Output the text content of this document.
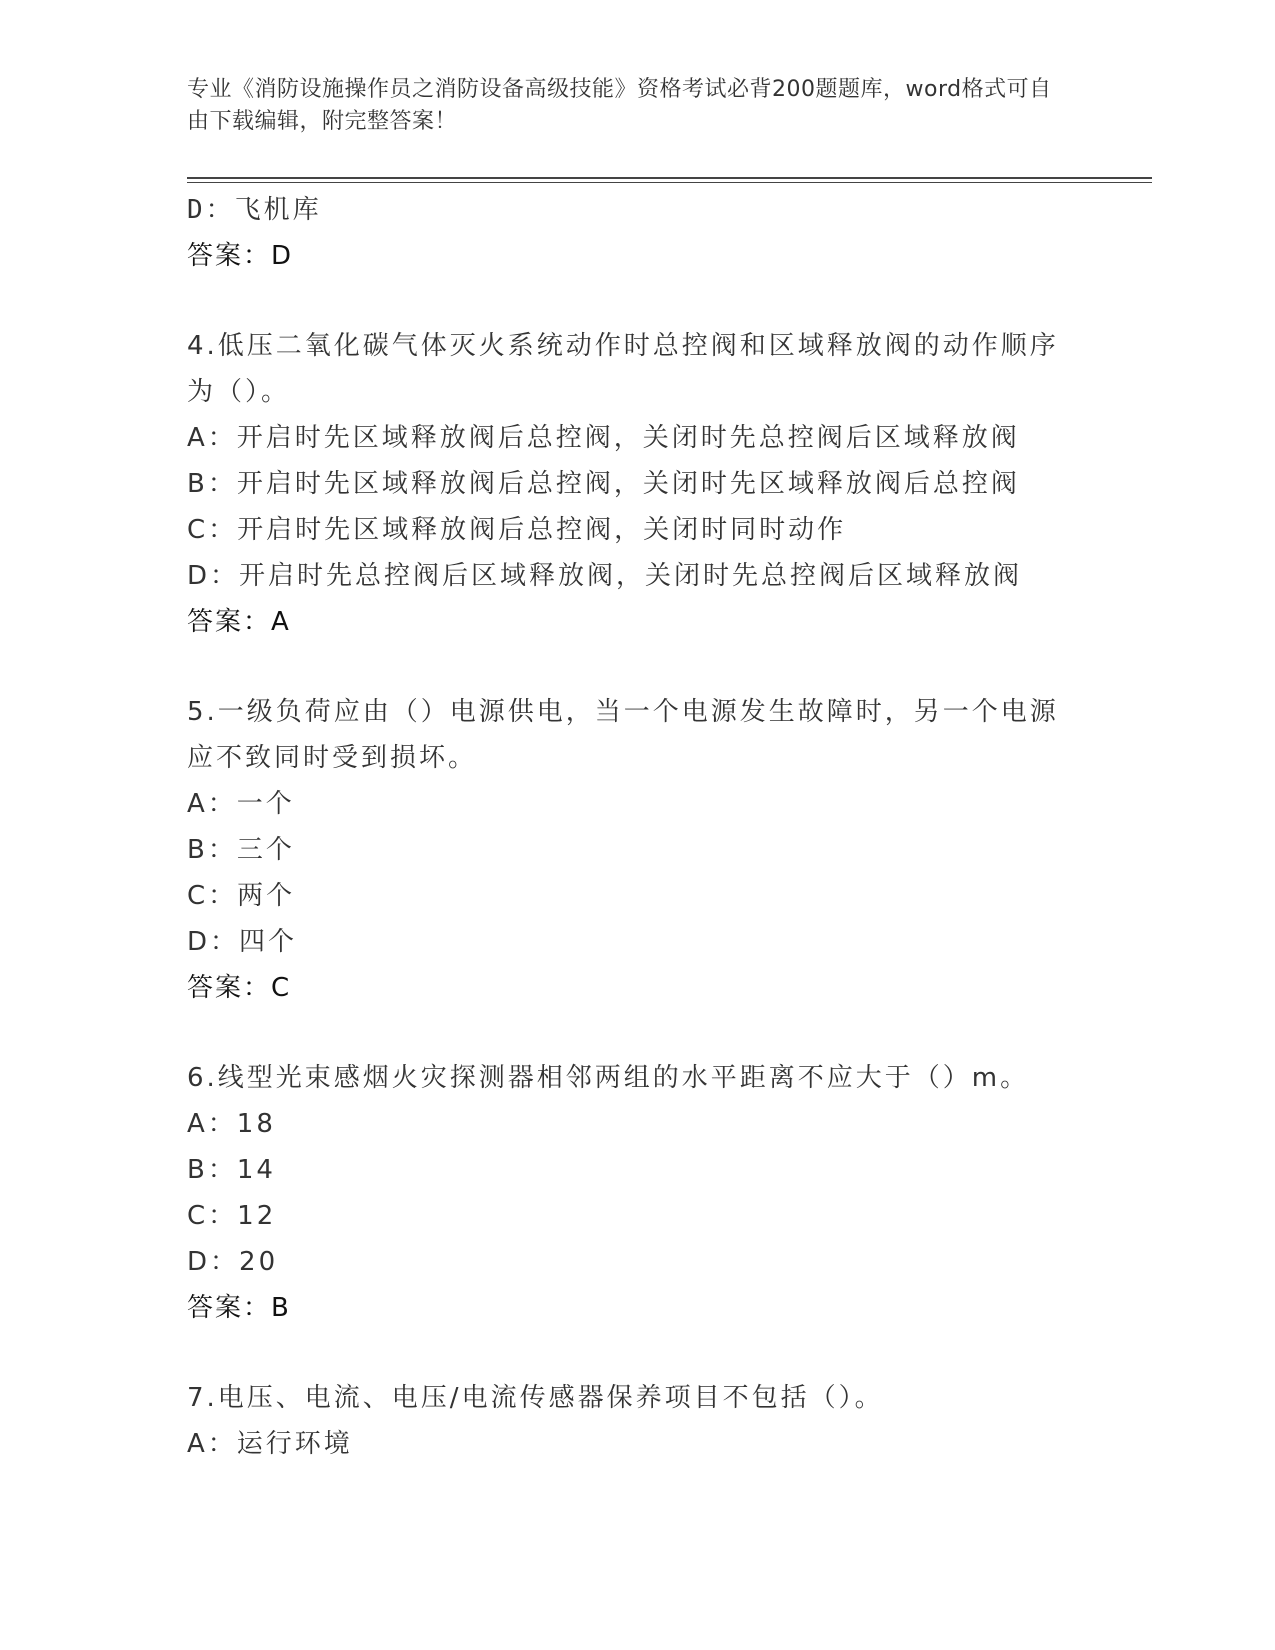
专业《消防设施操作员之消防设备高级技能》资格考试必背200题题库，word格式可自由下载编辑，附完整答案！
D：飞机库
答案：D
4.低压二氧化碳气体灭火系统动作时总控阀和区域释放阀的动作顺序为（）。
A：开启时先区域释放阀后总控阀，关闭时先总控阀后区域释放阀
B：开启时先区域释放阀后总控阀，关闭时先区域释放阀后总控阀
C：开启时先区域释放阀后总控阀，关闭时同时动作
D：开启时先总控阀后区域释放阀，关闭时先总控阀后区域释放阀
答案：A
5.一级负荷应由（）电源供电，当一个电源发生故障时，另一个电源应不致同时受到损坏。
A：一个
B：三个
C：两个
D：四个
答案：C
6.线型光束感烟火灾探测器相邻两组的水平距离不应大于（）m。
A：18
B：14
C：12
D：20
答案：B
7.电压、电流、电压/电流传感器保养项目不包括（）。
A：运行环境
